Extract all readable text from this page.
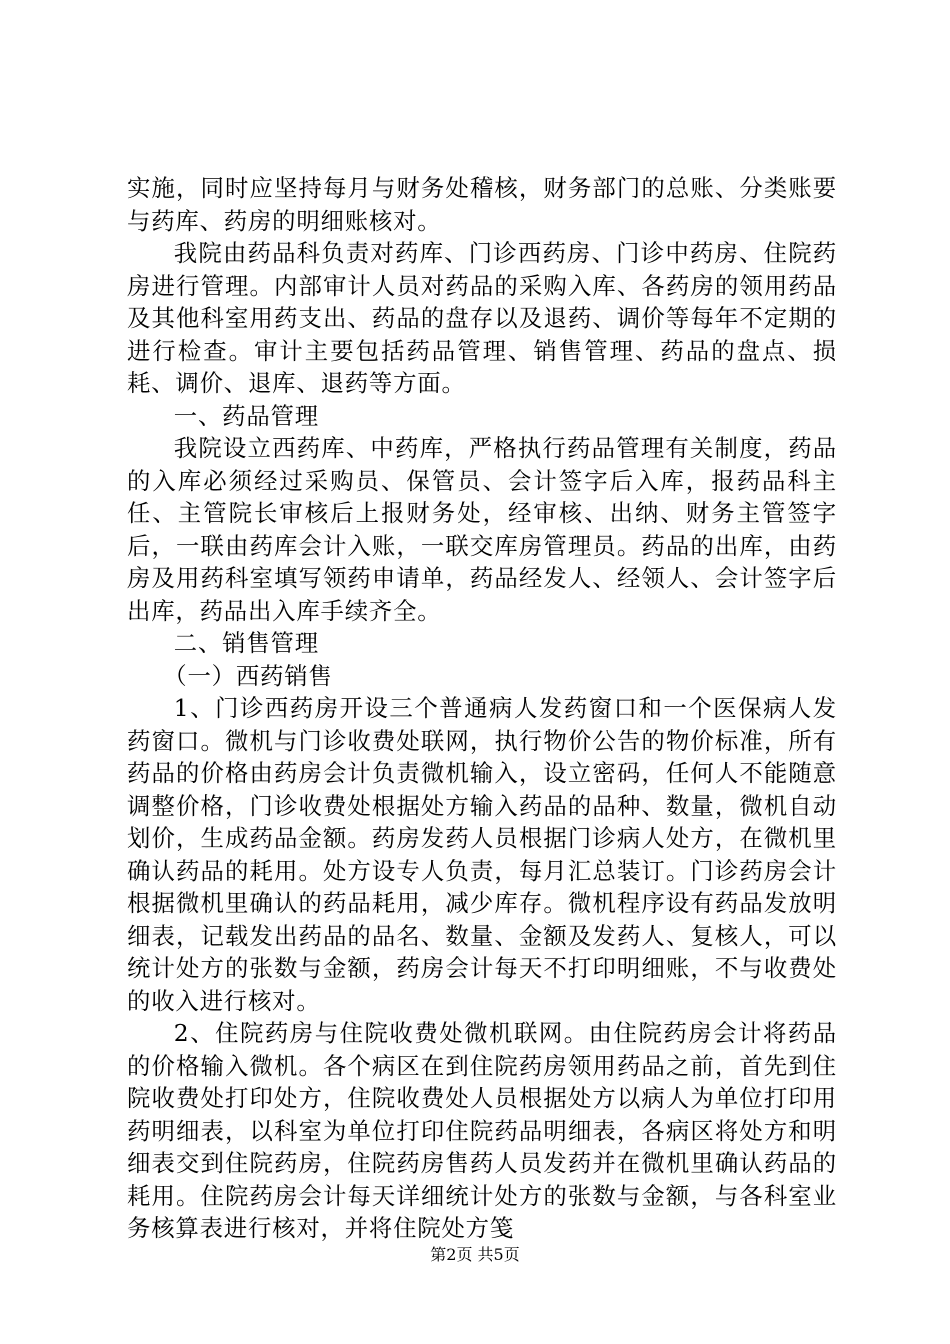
实施，同时应坚持每月与财务处稽核，财务部门的总账、分类账要与药库、药房的明细账核对。

我院由药品科负责对药库、门诊西药房、门诊中药房、住院药房进行管理。内部审计人员对药品的采购入库、各药房的领用药品及其他科室用药支出、药品的盘存以及退药、调价等每年不定期的进行检查。审计主要包括药品管理、销售管理、药品的盘点、损耗、调价、退库、退药等方面。

一、药品管理

我院设立西药库、中药库，严格执行药品管理有关制度，药品的入库必须经过采购员、保管员、会计签字后入库，报药品科主任、主管院长审核后上报财务处，经审核、出纳、财务主管签字后，一联由药库会计入账，一联交库房管理员。药品的出库，由药房及用药科室填写领药申请单，药品经发人、经领人、会计签字后出库，药品出入库手续齐全。

二、销售管理

（一）西药销售

1、门诊西药房开设三个普通病人发药窗口和一个医保病人发药窗口。微机与门诊收费处联网，执行物价公告的物价标准，所有药品的价格由药房会计负责微机输入，设立密码，任何人不能随意调整价格，门诊收费处根据处方输入药品的品种、数量，微机自动划价，生成药品金额。药房发药人员根据门诊病人处方，在微机里确认药品的耗用。处方设专人负责，每月汇总装订。门诊药房会计根据微机里确认的药品耗用，减少库存。微机程序设有药品发放明细表，记载发出药品的品名、数量、金额及发药人、复核人，可以统计处方的张数与金额，药房会计每天不打印明细账，不与收费处的收入进行核对。

2、住院药房与住院收费处微机联网。由住院药房会计将药品的价格输入微机。各个病区在到住院药房领用药品之前，首先到住院收费处打印处方，住院收费处人员根据处方以病人为单位打印用药明细表，以科室为单位打印住院药品明细表，各病区将处方和明细表交到住院药房，住院药房售药人员发药并在微机里确认药品的耗用。住院药房会计每天详细统计处方的张数与金额，与各科室业务核算表进行核对，并将住院处方笺

第2页 共5页
